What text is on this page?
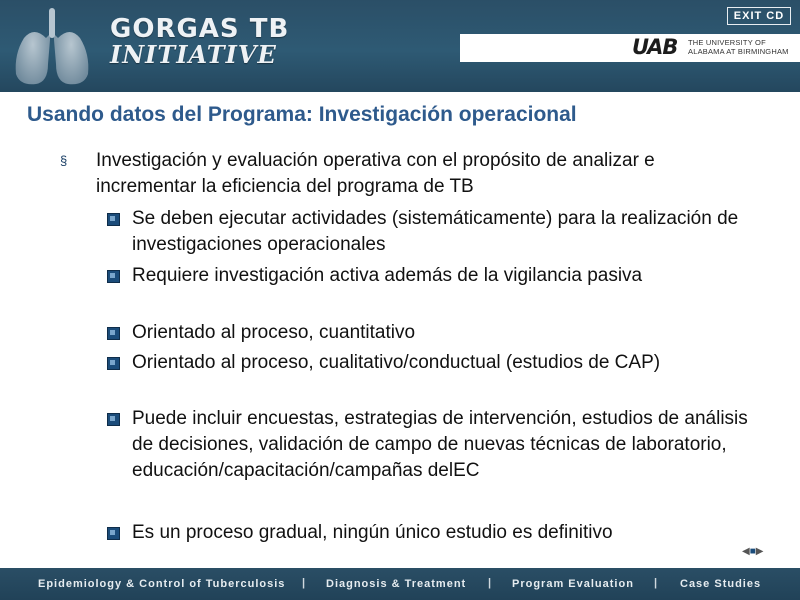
GORGAS TB
INITIATIVE
EXIT CD
UAB THE UNIVERSITY OF
ALABAMA AT BIRMINGHAM
Usando datos del Programa: Investigación operacional
§ Investigación y evaluación operativa con el propósito de analizar e incrementar la eficiencia del programa de TB
Se deben ejecutar actividades (sistemáticamente) para la realización de investigaciones operacionales
Requiere investigación activa además de la vigilancia pasiva
Orientado al proceso, cuantitativo
Orientado al proceso, cualitativo/conductual (estudios de CAP)
Puede incluir encuestas, estrategias de intervención, estudios de análisis de decisiones, validación de campo de nuevas técnicas de laboratorio, educación/capacitación/campañas delEC
Es un proceso gradual, ningún único estudio es definitivo
◀■▶
Epidemiology & Control of Tuberculosis | Diagnosis & Treatment | Program Evaluation | Case Studies
